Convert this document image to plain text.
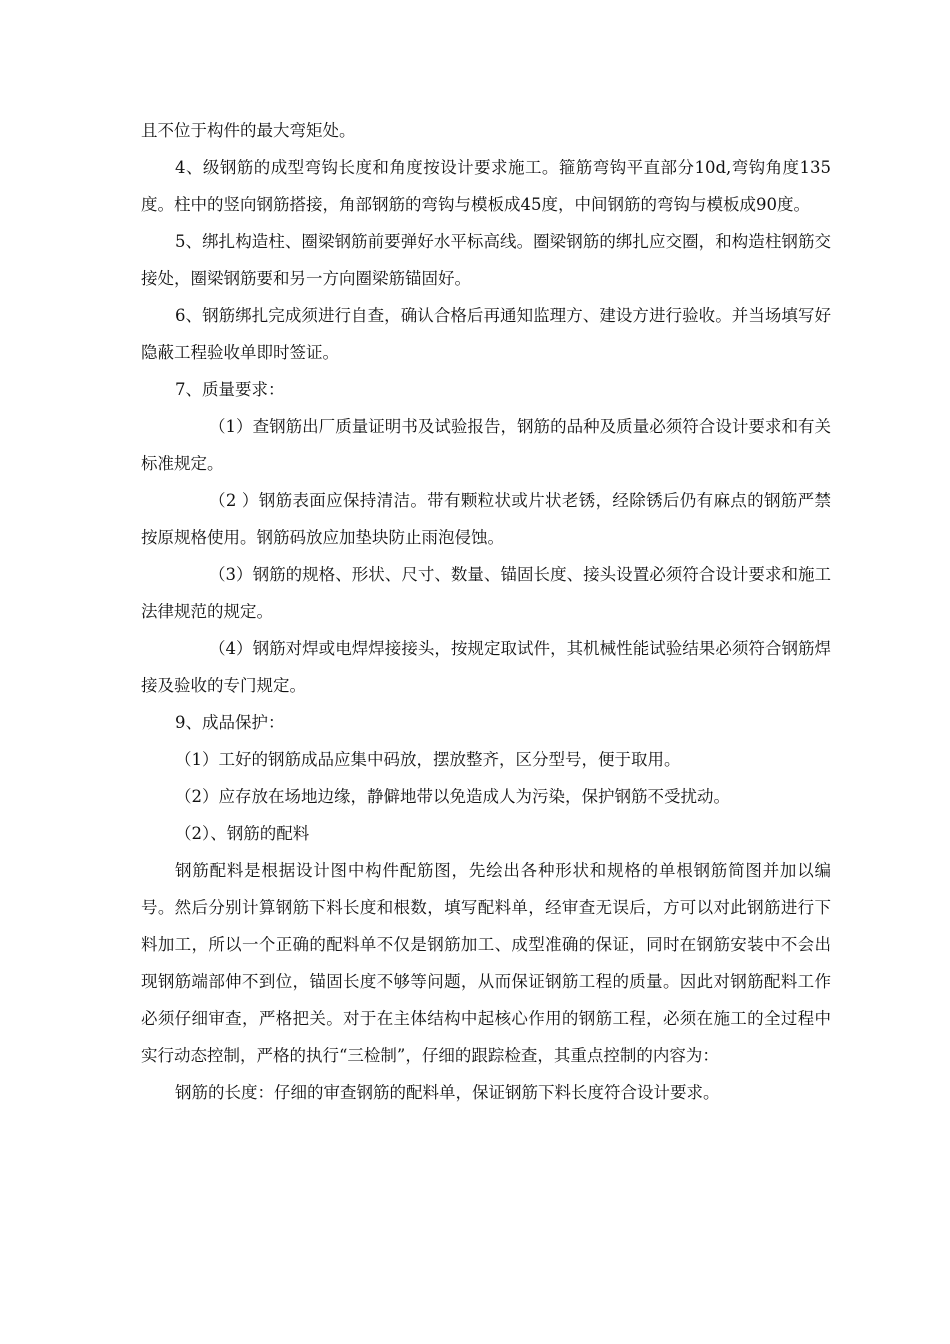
且不位于构件的最大弯矩处。

4、级钢筋的成型弯钩长度和角度按设计要求施工。箍筋弯钩平直部分10d,弯钩角度135度。柱中的竖向钢筋搭接，角部钢筋的弯钩与模板成45度，中间钢筋的弯钩与模板成90度。

5、绑扎构造柱、圈梁钢筋前要弹好水平标高线。圈梁钢筋的绑扎应交圈，和构造柱钢筋交接处，圈梁钢筋要和另一方向圈梁筋锚固好。

6、钢筋绑扎完成须进行自查，确认合格后再通知监理方、建设方进行验收。并当场填写好隐蔽工程验收单即时签证。

7、质量要求：

（1）查钢筋出厂质量证明书及试验报告，钢筋的品种及质量必须符合设计要求和有关标准规定。

（2 ）钢筋表面应保持清洁。带有颗粒状或片状老锈，经除锈后仍有麻点的钢筋严禁按原规格使用。钢筋码放应加垫块防止雨泡侵蚀。

（3）钢筋的规格、形状、尺寸、数量、锚固长度、接头设置必须符合设计要求和施工法律规范的规定。

（4）钢筋对焊或电焊焊接接头，按规定取试件，其机械性能试验结果必须符合钢筋焊接及验收的专门规定。

9、成品保护：

（1）工好的钢筋成品应集中码放，摆放整齐，区分型号，便于取用。

（2）应存放在场地边缘，静僻地带以免造成人为污染，保护钢筋不受扰动。

（2）、钢筋的配料

钢筋配料是根据设计图中构件配筋图，先绘出各种形状和规格的单根钢筋简图并加以编号。然后分别计算钢筋下料长度和根数，填写配料单，经审查无误后，方可以对此钢筋进行下料加工，所以一个正确的配料单不仅是钢筋加工、成型准确的保证，同时在钢筋安装中不会出现钢筋端部伸不到位，锚固长度不够等问题，从而保证钢筋工程的质量。因此对钢筋配料工作必须仔细审查，严格把关。对于在主体结构中起核心作用的钢筋工程，必须在施工的全过程中实行动态控制，严格的执行“三检制”，仔细的跟踪检查，其重点控制的内容为：

钢筋的长度：仔细的审查钢筋的配料单，保证钢筋下料长度符合设计要求。
